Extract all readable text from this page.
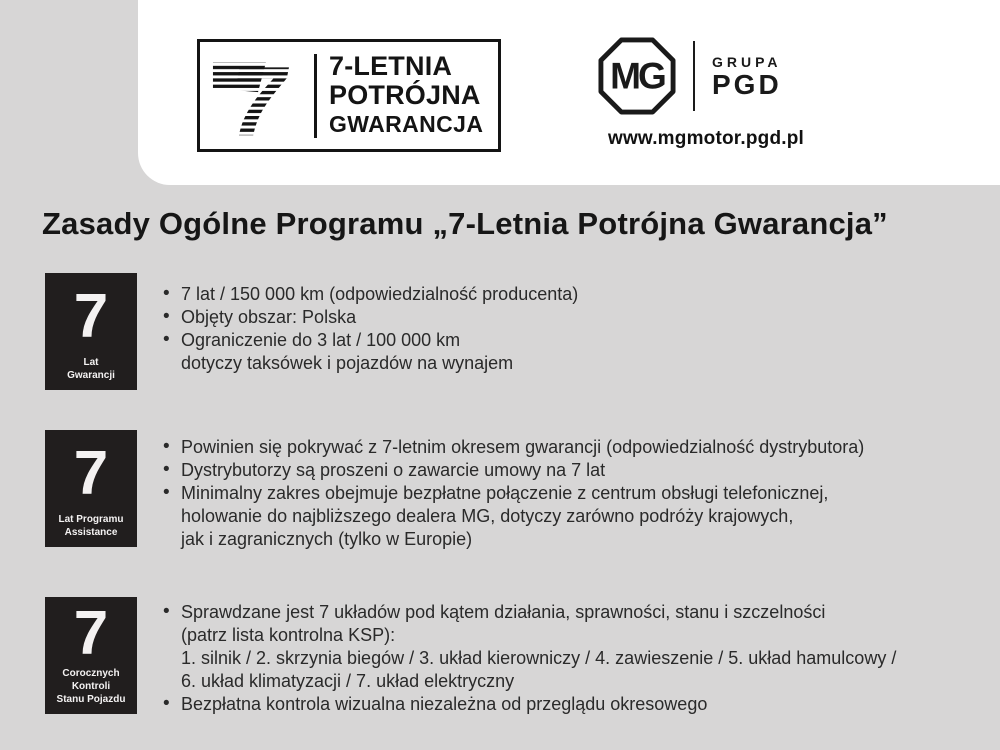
7 7-LETNIA
POTRÓJNA
GWARANCJA
MG	GRUPA
PGD
www.mgmotor.pgd.pl
Zasady Ogólne Programu „7-Letnia Potrójna Gwarancja”
7
Lat
Gwarancji
• 7 lat / 150 000 km (odpowiedzialność producenta)
• Objęty obszar: Polska
• Ograniczenie do 3 lat / 100 000 km
dotyczy taksówek i pojazdów na wynajem
7
Lat Programu
Assistance
• Powinien się pokrywać z 7-letnim okresem gwarancji (odpowiedzialność dystrybutora)
• Dystrybutorzy są proszeni o zawarcie umowy na 7 lat
• Minimalny zakres obejmuje bezpłatne połączenie z centrum obsługi telefonicznej,
holowanie do najbliższego dealera MG, dotyczy zarówno podróży krajowych,
jak i zagranicznych (tylko w Europie)
7
Corocznych Kontroli
Stanu Pojazdu
• Sprawdzane jest 7 układów pod kątem działania, sprawności, stanu i szczelności
(patrz lista kontrolna KSP):
1. silnik / 2. skrzynia biegów / 3. układ kierowniczy / 4. zawieszenie / 5. układ hamulcowy /
6. układ klimatyzacji / 7. układ elektryczny
• Bezpłatna kontrola wizualna niezależna od przeglądu okresowego
